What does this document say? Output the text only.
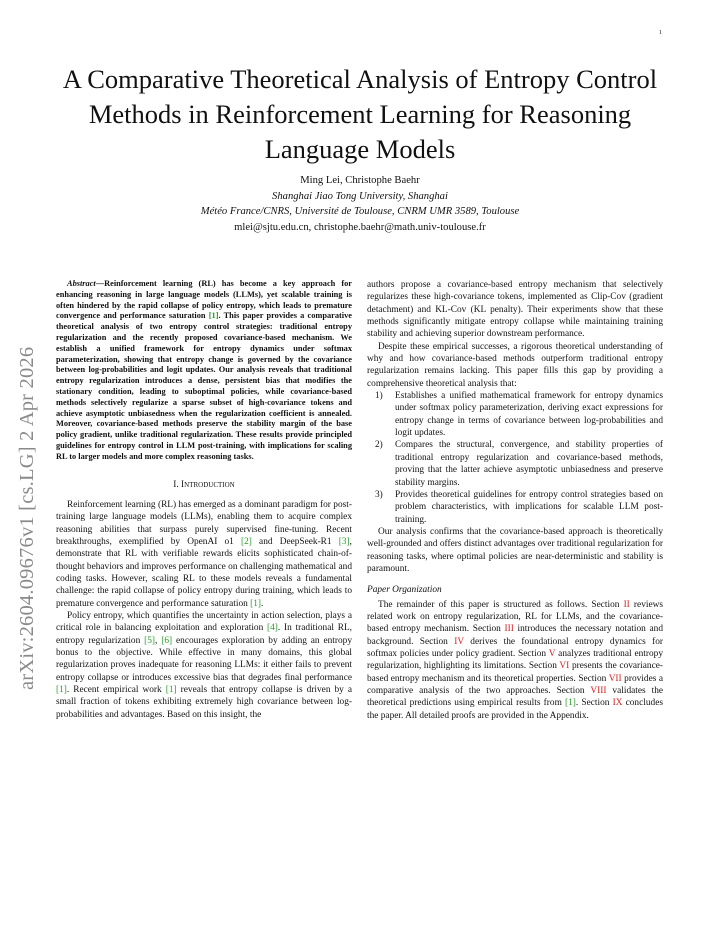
1
arXiv:2604.09676v1 [cs.LG] 2 Apr 2026
A Comparative Theoretical Analysis of Entropy Control Methods in Reinforcement Learning for Reasoning Language Models
Ming Lei, Christophe Baehr
Shanghai Jiao Tong University, Shanghai
Météo France/CNRS, Université de Toulouse, CNRM UMR 3589, Toulouse
mlei@sjtu.edu.cn, christophe.baehr@math.univ-toulouse.fr

Abstract—Reinforcement learning (RL) has become a key approach for enhancing reasoning in large language models (LLMs), yet scalable training is often hindered by the rapid collapse of policy entropy, which leads to premature convergence and performance saturation [1]. This paper provides a comparative theoretical analysis of two entropy control strategies: traditional entropy regularization and the recently proposed covariance-based mechanism. We establish a unified framework for entropy dynamics under softmax parameterization, showing that entropy change is governed by the covariance between log-probabilities and logit updates. Our analysis reveals that traditional entropy regularization introduces a dense, persistent bias that modifies the stationary condition, leading to suboptimal policies, while covariance-based methods selectively regularize a sparse subset of high-covariance tokens and achieve asymptotic unbiasedness when the regularization coefficient is annealed. Moreover, covariance-based methods preserve the stability margin of the base policy gradient, unlike traditional regularization. These results provide principled guidelines for entropy control in LLM post-training, with implications for scaling RL to larger models and more complex reasoning tasks.

I. Introduction

Reinforcement learning (RL) has emerged as a dominant paradigm for post-training large language models (LLMs), enabling them to acquire complex reasoning abilities that surpass purely supervised fine-tuning. Recent breakthroughs, exemplified by OpenAI o1 [2] and DeepSeek-R1 [3], demonstrate that RL with verifiable rewards elicits sophisticated chain-of-thought behaviors and improves performance on challenging mathematical and coding tasks. However, scaling RL to these models reveals a fundamental challenge: the rapid collapse of policy entropy during training, which leads to premature convergence and performance saturation [1].

Policy entropy, which quantifies the uncertainty in action selection, plays a critical role in balancing exploitation and exploration [4]. In traditional RL, entropy regularization [5], [6] encourages exploration by adding an entropy bonus to the objective. While effective in many domains, this global regularization proves inadequate for reasoning LLMs: it either fails to prevent entropy collapse or introduces excessive bias that degrades final performance [1]. Recent empirical work [1] reveals that entropy collapse is driven by a small fraction of tokens exhibiting extremely high covariance between log-probabilities and advantages. Based on this insight, the

authors propose a covariance-based entropy mechanism that selectively regularizes these high-covariance tokens, implemented as Clip-Cov (gradient detachment) and KL-Cov (KL penalty). Their experiments show that these methods significantly mitigate entropy collapse while maintaining training stability and achieving superior downstream performance.

Despite these empirical successes, a rigorous theoretical understanding of why and how covariance-based methods outperform traditional entropy regularization remains lacking. This paper fills this gap by providing a comprehensive theoretical analysis that:

1) Establishes a unified mathematical framework for entropy dynamics under softmax policy parameterization, deriving exact expressions for entropy change in terms of covariance between log-probabilities and logit updates.
2) Compares the structural, convergence, and stability properties of traditional entropy regularization and covariance-based methods, proving that the latter achieve asymptotic unbiasedness and preserve stability margins.
3) Provides theoretical guidelines for entropy control strategies based on problem characteristics, with implications for scalable LLM post-training.

Our analysis confirms that the covariance-based approach is theoretically well-grounded and offers distinct advantages over traditional regularization for reasoning tasks, where optimal policies are near-deterministic and stability is paramount.

Paper Organization

The remainder of this paper is structured as follows. Section II reviews related work on entropy regularization, RL for LLMs, and the covariance-based entropy mechanism. Section III introduces the necessary notation and background. Section IV derives the foundational entropy dynamics for softmax policies under policy gradient. Section V analyzes traditional entropy regularization, highlighting its limitations. Section VI presents the covariance-based entropy mechanism and its theoretical properties. Section VII provides a comparative analysis of the two approaches. Section VIII validates the theoretical predictions using empirical results from [1]. Section IX concludes the paper. All detailed proofs are provided in the Appendix.
